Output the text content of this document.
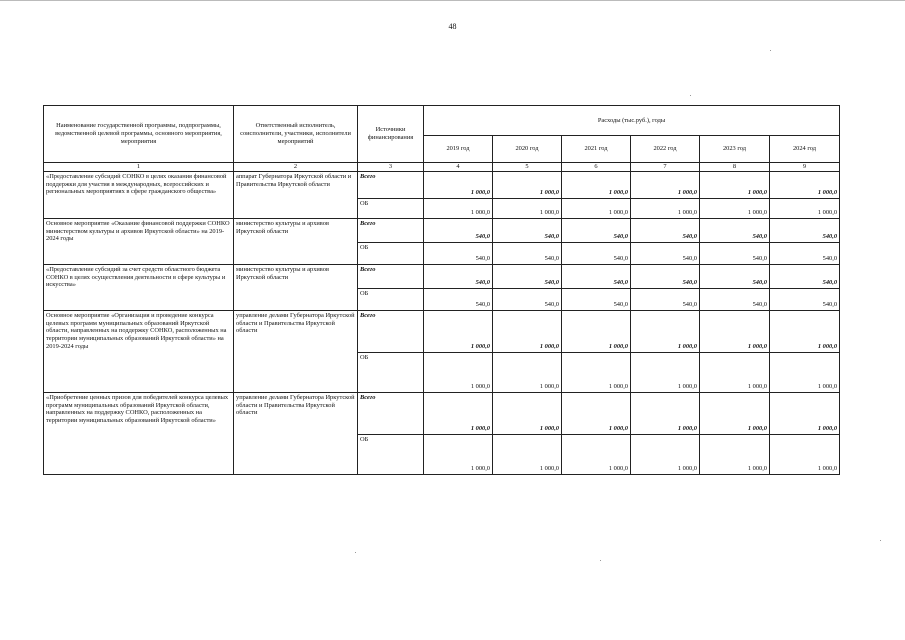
48
Наименование государственной программы, подпрограммы, ведомственной целевой программы, основного мероприятия, мероприятия	Ответственный исполнитель, соисполнители, участники, исполнители мероприятий	Источники финансирования	Расходы (тыс.руб.), годы					
			2019 год	2020 год	2021 год	2022 год	2023 год	2024 год
1	2	3	4	5	6	7	8	9
«Предоставление субсидий СОНКО в целях оказания финансовой поддержки для участия в международных, всероссийских и региональных мероприятиях в сфере гражданского общества»	аппарат Губернатора Иркутской области и Правительства Иркутской области	Всего	1 000,0	1 000,0	1 000,0	1 000,0	1 000,0	1 000,0
		ОБ	1 000,0	1 000,0	1 000,0	1 000,0	1 000,0	1 000,0
Основное мероприятие «Оказание финансовой поддержки СОНКО министерством культуры и архивов Иркутской области» на 2019-2024 годы	министерство культуры и архивов Иркутской области	Всего	540,0	540,0	540,0	540,0	540,0	540,0
		ОБ	540,0	540,0	540,0	540,0	540,0	540,0
«Предоставление субсидий за счет средств областного бюджета СОНКО в целях осуществления деятельности в сфере культуры и искусства»	министерство культуры и архивов Иркутской области	Всего	540,0	540,0	540,0	540,0	540,0	540,0
		ОБ	540,0	540,0	540,0	540,0	540,0	540,0
Основное мероприятие «Организация и проведение конкурса целевых программ муниципальных образований Иркутской области, направленных на поддержку СОНКО, расположенных на территории муниципальных образований Иркутской области» на 2019-2024 годы	управление делами Губернатора Иркутской области и Правительства Иркутской области	Всего	1 000,0	1 000,0	1 000,0	1 000,0	1 000,0	1 000,0
		ОБ	1 000,0	1 000,0	1 000,0	1 000,0	1 000,0	1 000,0
«Приобретение ценных призов для победителей конкурса целевых программ муниципальных образований Иркутской области, направленных на поддержку СОНКО, расположенных на территории муниципальных образований Иркутской области»	управление делами Губернатора Иркутской области и Правительства Иркутской области	Всего	1 000,0	1 000,0	1 000,0	1 000,0	1 000,0	1 000,0
		ОБ	1 000,0	1 000,0	1 000,0	1 000,0	1 000,0	1 000,0
